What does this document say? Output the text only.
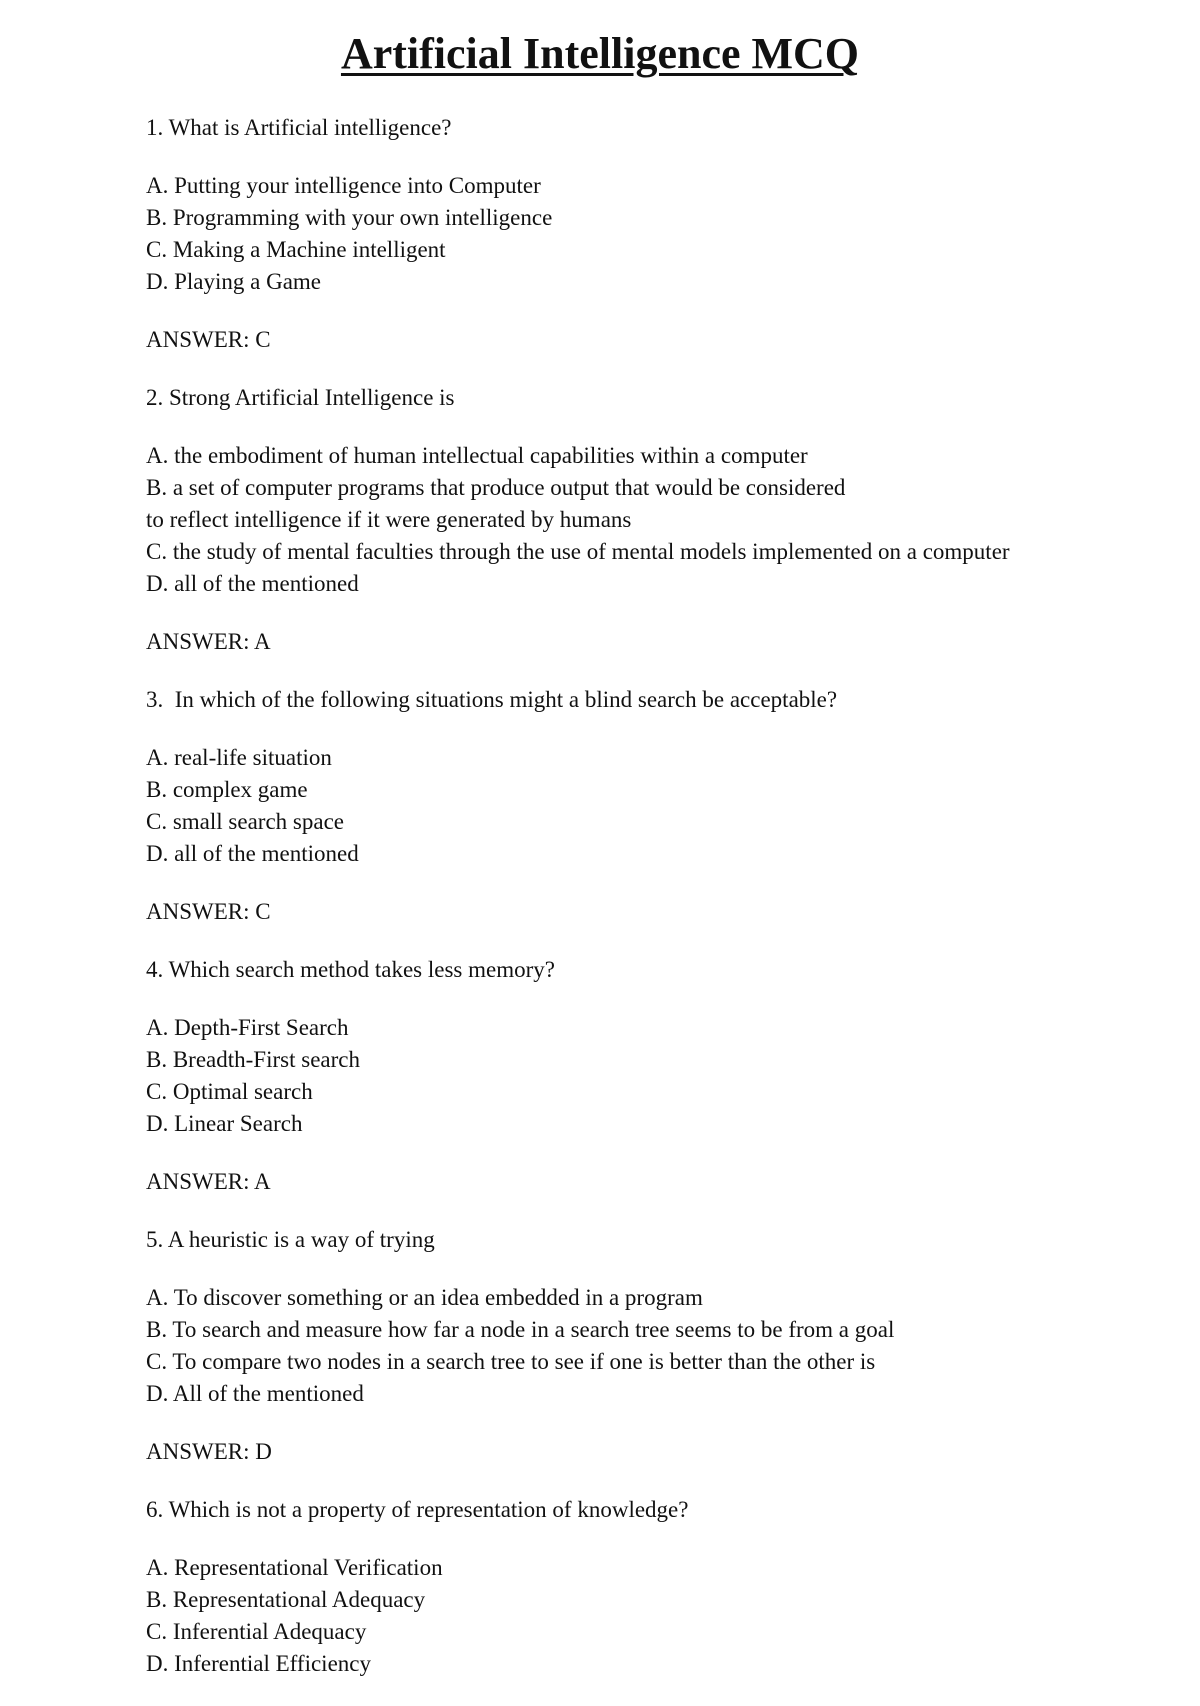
Artificial Intelligence MCQ

1. What is Artificial intelligence?

A. Putting your intelligence into Computer

B. Programming with your own intelligence

C. Making a Machine intelligent

D. Playing a Game

ANSWER: C

2. Strong Artificial Intelligence is

A. the embodiment of human intellectual capabilities within a computer

B. a set of computer programs that produce output that would be considered

to reflect intelligence if it were generated by humans

C. the study of mental faculties through the use of mental models implemented on a computer

D. all of the mentioned

ANSWER: A

3.  In which of the following situations might a blind search be acceptable?

A. real-life situation

B. complex game

C. small search space

D. all of the mentioned

ANSWER: C

4. Which search method takes less memory?

A. Depth-First Search

B. Breadth-First search

C. Optimal search

D. Linear Search

ANSWER: A

5. A heuristic is a way of trying

A. To discover something or an idea embedded in a program

B. To search and measure how far a node in a search tree seems to be from a goal

C. To compare two nodes in a search tree to see if one is better than the other is

D. All of the mentioned

ANSWER: D

6. Which is not a property of representation of knowledge?

A. Representational Verification

B. Representational Adequacy

C. Inferential Adequacy

D. Inferential Efficiency
